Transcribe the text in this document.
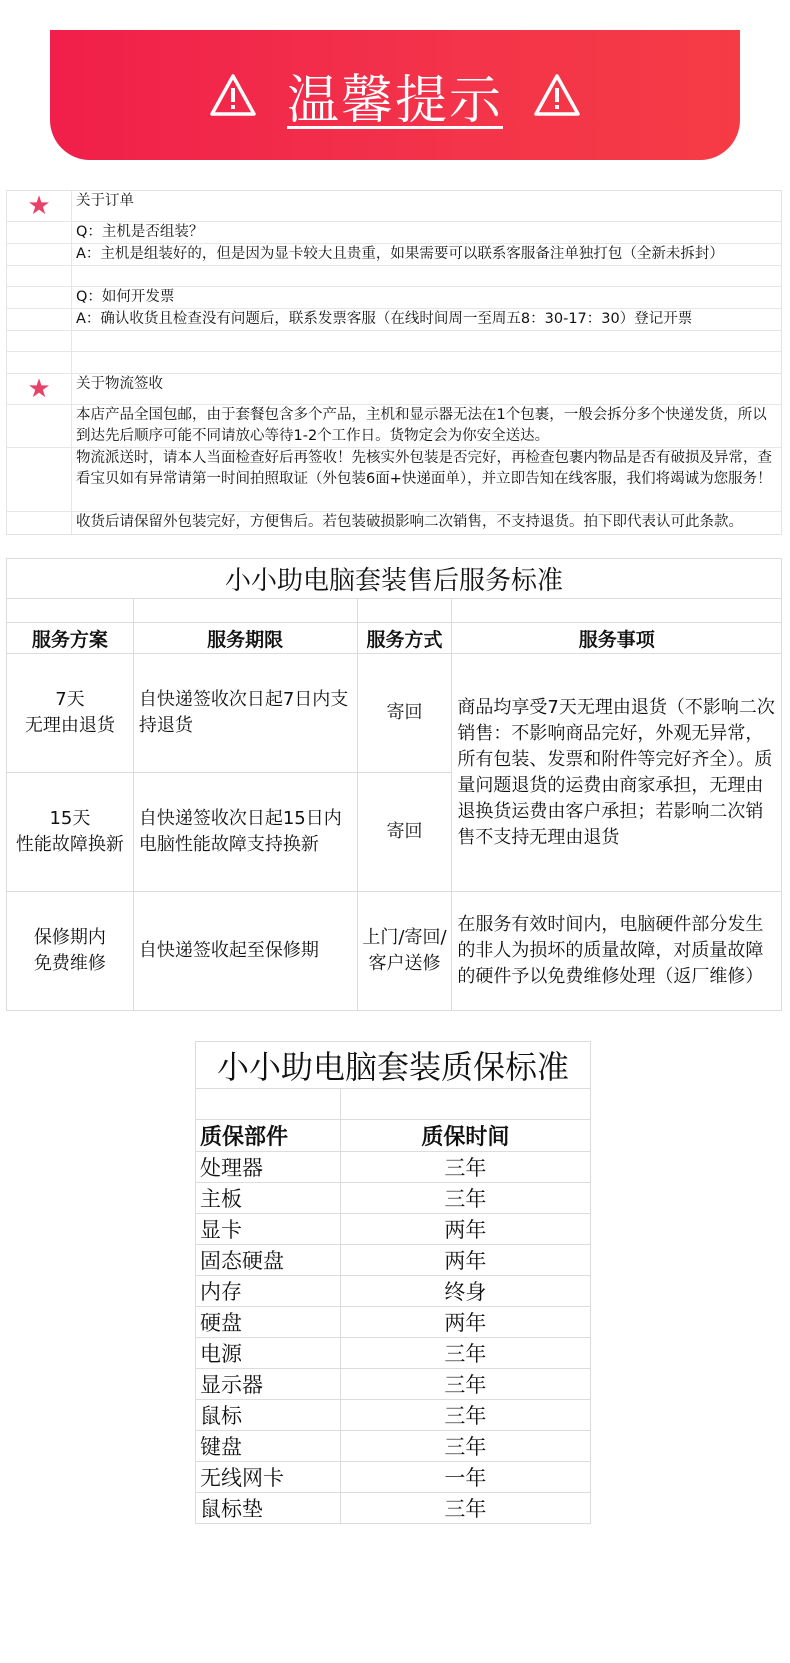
温馨提示
★ 关于订单
Q：主机是否组装？
A：主机是组装好的，但是因为显卡较大且贵重，如果需要可以联系客服备注单独打包（全新未拆封）
Q：如何开发票
A：确认收货且检查没有问题后，联系发票客服（在线时间周一至周五8：30-17：30）登记开票
★ 关于物流签收
本店产品全国包邮，由于套餐包含多个产品，主机和显示器无法在1个包裹，一般会拆分多个快递发货，所以到达先后顺序可能不同请放心等待1-2个工作日。货物定会为你安全送达。
物流派送时，请本人当面检查好后再签收！先核实外包装是否完好，再检查包裹内物品是否有破损及异常，查看宝贝如有异常请第一时间拍照取证（外包装6面+快递面单），并立即告知在线客服，我们将竭诚为您服务！
收货后请保留外包装完好，方便售后。若包装破损影响二次销售，不支持退货。拍下即代表认可此条款。
小小助电脑套装售后服务标准			

服务方案	服务期限	服务方式	服务事项
7天
无理由退货	自快递签收次日起7日内支持退货	寄回	商品均享受7天无理由退货（不影响二次销售：不影响商品完好，外观无异常，所有包装、发票和附件等完好齐全）。质量问题退货的运费由商家承担，无理由退换货运费由客户承担；若影响二次销售不支持无理由退货
15天
性能故障换新	自快递签收次日起15日内电脑性能故障支持换新	寄回	
保修期内
免费维修	自快递签收起至保修期	上门/寄回/客户送修	在服务有效时间内，电脑硬件部分发生的非人为损坏的质量故障，对质量故障的硬件予以免费维修处理（返厂维修）
小小助电脑套装质保标准	

质保部件	质保时间
处理器	三年
主板	三年
显卡	两年
固态硬盘	两年
内存	终身
硬盘	两年
电源	三年
显示器	三年
鼠标	三年
键盘	三年
无线网卡	一年
鼠标垫	三年
